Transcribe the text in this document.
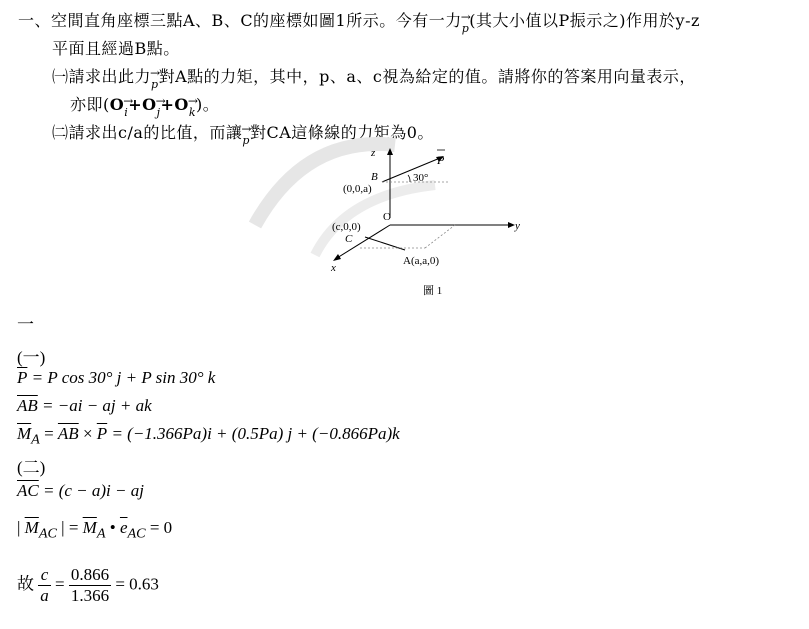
一、空間直角座標三點A、B、C的座標如圖1所示。今有一力→ p(其大小值以P振示之)作用於y-z
平面且經過B點。
㈠請求出此力→ p對A點的力矩，其中，p、a、c視為給定的值。請將你的答案用向量表示，
亦即(O→ i+O→ j+O→ k)。
㈡請求出c/a的比值，而讓→ p對CA這條線的力矩為0。
z
y
x
P
30°
B
(0,0,a)
O
(c,0,0)
C
A(a,a,0)
圖 1
一
(一)
$\overline{P} = P$ cos 30° j + P sin 30° k
$\overline{AB} = -ai$ − aj + ak
$\overline{M}_A = \overline{AB} \times \overline{P} = (-1.366Pa)i + (0.5Pa) j + (-0.866Pa)k$
(二)
$\overline{AC} = (c - a)i$ − aj
| $\overline{M}_{AC}$ | = $\overline{M}_A$ • $\overline{e}_{AC} = 0$
故 $\frac{c}{a} = \frac{0.866}{1.366} = 0.63$
